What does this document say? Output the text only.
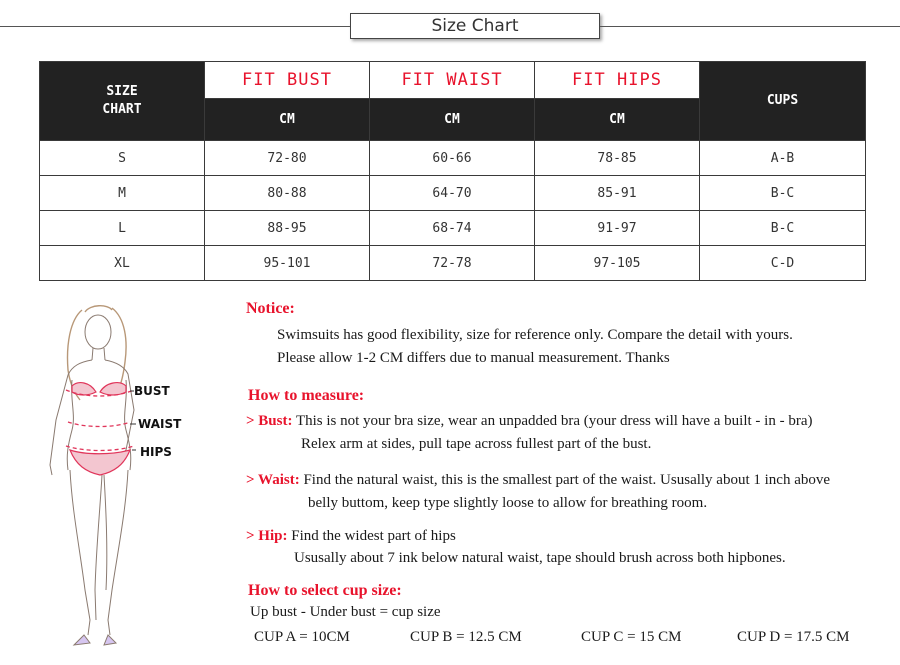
Size Chart
SIZE
CHART	FIT BUST	FIT WAIST	FIT HIPS	CUPS
	CM	CM	CM	
S	72-80	60-66	78-85	A-B
M	80-88	64-70	85-91	B-C
L	88-95	68-74	91-97	B-C
XL	95-101	72-78	97-105	C-D
BUST
WAIST
HIPS
Notice:
Swimsuits has good flexibility, size for reference only. Compare the detail with yours.
Please allow 1-2 CM differs due to manual measurement. Thanks
How to measure:
> Bust: This is not your bra size, wear an unpadded bra (your dress will have a built - in - bra)
Relex arm at sides, pull tape across fullest part of the bust.
> Waist: Find the natural waist, this is the smallest part of the waist. Ususally about 1 inch above
belly buttom, keep type slightly loose to allow for breathing room.
> Hip: Find the widest part of hips
Ususally about 7 ink below natural waist, tape should brush across both hipbones.
How to select cup size:
Up bust - Under bust = cup size
CUP A = 10CM	CUP B = 12.5 CM	CUP C = 15 CM	CUP D = 17.5 CM
